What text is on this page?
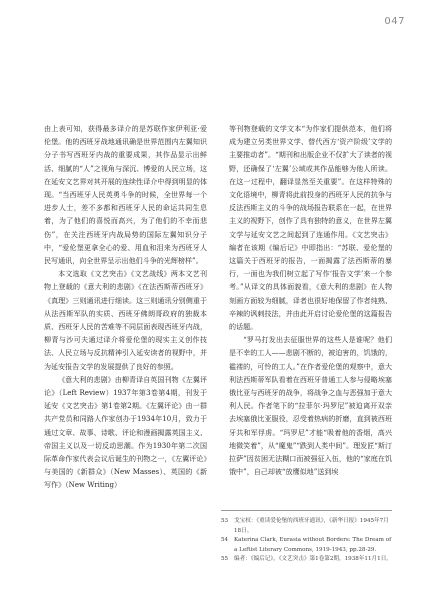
047

由上表可知，获得最多译介的是苏联作家伊利亚·爱伦堡。他的西班牙战地通讯确是世界范围内左翼知识分子书写西班牙内战的重要成果，其作品显示出鲜活、细腻的“人”之视角与深沉、博爱的人民立场，这在延安文艺界对其开展的连续性译介中得到明显的体现。“当西班牙人民英勇斗争的时候，全世界每一个进步人士，差不多都和西班牙人民的命运共同生息着，为了他们的喜悦而高兴，为了他们的不幸而悲伤”，在关注西班牙内战局势的国际左翼知识分子中，“爱伦堡更拿全心的爱、用血和泪来为西班牙人民写通讯，向全世界呈示出他们斗争的光辉榜样”。

本文选取《文艺突击》《文艺战线》两本文艺刊物上登载的《意大利的悲剧》《在法西斯蒂西班牙》《真理》三则通讯进行细读。这三则通讯分别侧重于从法西斯军队的实质、西班牙佛朗哥政府的独裁本质、西班牙人民的苦难等不同层面表现西班牙内战，柳青与沙可夫通过译介将爱伦堡的现实主义创作技法、人民立场与反抗精神引入延安读者的视野中，并为延安报告文学的发展提供了良好的参照。

《意大利的悲剧》由柳青译自英国刊物《左翼评论》（Left Review）1937年第3卷第4期，刊发于延安《文艺突击》第1卷第2期。《左翼评论》由一群共产党员和同路人作家创办于1934年10月，致力于通过文章、故事、诗歌、评论和漫画揭露英国主义、帝国主义以及一切反动思潮。作为1930年第二次国际革命作家代表会议后诞生的刊物之一，《左翼评论》与美国的《新群众》（New Masses）、英国的《新写作》（New Writing）

等刊物登载的文学文本“为作家们提供范本，他们将成为建立另类世界文学、替代西方‘资产阶级’文学的主要推动者”。“期刊和出版企业不仅扩大了读者的视野，还确保了‘左翼’公域或其作品能够为他人所读。在这一过程中，翻译显然至关重要”。在这样特殊的文化语境中，柳青将此前投身的西班牙人民的抗争与反法西斯主义的斗争的战场报告联系在一起，在世界主义的视野下，创作了具有独特的意义，在世界左翼文学与延安文艺之间起到了连通作用。《文艺突击》编者在该期《编后记》中即指出：“苏联、爱伦堡的这篇关于西班牙的报告，一面揭露了法西斯蒂的暴行，一面也为我们树立起了写作‘报告文学’来一个参考。”从译文的具体面貌看，《意大利的悲剧》在人物刻画方面较为细腻，译者也很好地保留了作者纯熟、辛辣的讽刺技法，并由此开启讨论爱伦堡的这篇报告的话题。

“罗马打发出去征服世界的这些人是谁呢？他们是不幸的工人——悲剧不断的，被迫害的，饥饿的，褴褛的，可怜的工人。”在作者爱伦堡的观察中，意大利法西斯蒂军队看着在西班牙普通工人参与侵略埃塞俄比亚与西班牙的战争，将战争之血与恶强加于意大利人民。作者笔下的“拉菲尔·玛罗尼”被迫离开双亲去埃塞俄比亚服役，忍受着热病的折磨，直到被西班牙共和军俘虏。“玛罗尼”才能“吸着他的香烟，高兴地微笑着”，从“魔鬼”“跌到人类中间”。理发匠“斯汀拉萨”因贫困无法糊口而被强征入伍，他的“家庭在饥饿中”，自己却被“放鹰似地”送到埃

53	戈宝权：《重读爱伦堡的西班牙通讯》，《新华日报》1945年7月18日。
54	Katerina Clark, Eurasia without Borders: The Dream of a Leftist Literary Commons, 1919-1943, pp.28-29.
55	编者：《编后记》，《文艺突击》第1卷第2期，1938年11月1日。
